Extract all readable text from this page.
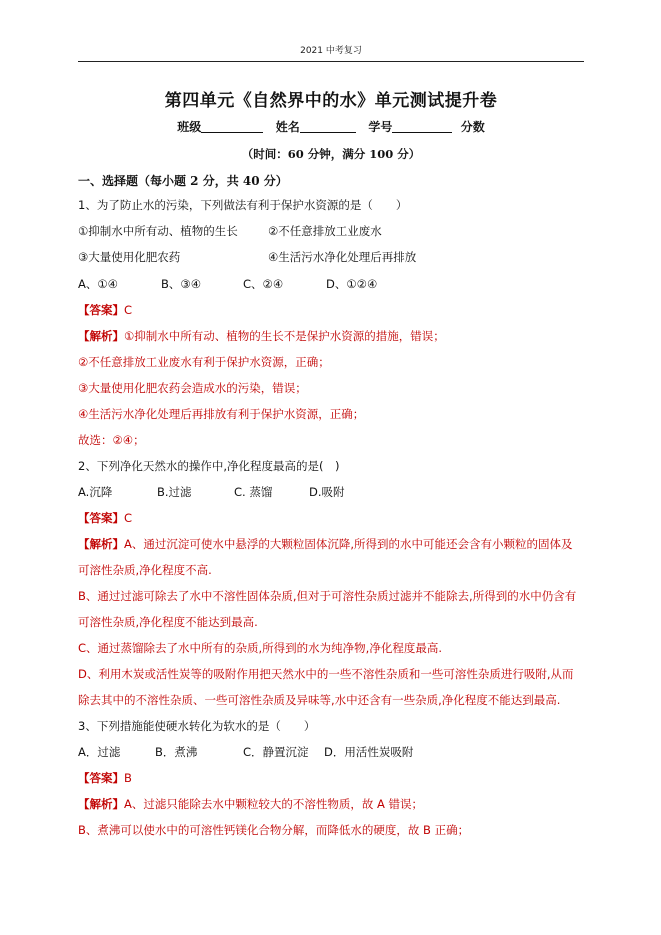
2021 中考复习
第四单元《自然界中的水》单元测试提升卷
班级	姓名	学号	分数
（时间：60 分钟，满分 100 分）
一、选择题（每小题 2 分，共 40 分）
1、为了防止水的污染，下列做法有利于保护水资源的是（　　）
①抑制水中所有动、植物的生长	②不任意排放工业废水
③大量使用化肥农药	④生活污水净化处理后再排放
A、①④	B、③④	C、②④	D、①②④
【答案】C
【解析】①抑制水中所有动、植物的生长不是保护水资源的措施，错误；
②不任意排放工业废水有利于保护水资源，正确；
③大量使用化肥农药会造成水的污染，错误；
④生活污水净化处理后再排放有利于保护水资源，正确；
故选：②④；
2、下列净化天然水的操作中,净化程度最高的是(　)
A.沉降	B.过滤	C. 蒸馏	D.吸附
【答案】C
【解析】A、通过沉淀可使水中悬浮的大颗粒固体沉降,所得到的水中可能还会含有小颗粒的固体及
可溶性杂质,净化程度不高.
B、通过过滤可除去了水中不溶性固体杂质,但对于可溶性杂质过滤并不能除去,所得到的水中仍含有
可溶性杂质,净化程度不能达到最高.
C、通过蒸馏除去了水中所有的杂质,所得到的水为纯净物,净化程度最高.
D、利用木炭或活性炭等的吸附作用把天然水中的一些不溶性杂质和一些可溶性杂质进行吸附,从而
除去其中的不溶性杂质、一些可溶性杂质及异味等,水中还含有一些杂质,净化程度不能达到最高.
3、下列措施能使硬水转化为软水的是（　　）
A．过滤	B．煮沸	C．静置沉淀 D．用活性炭吸附
【答案】B
【解析】A、过滤只能除去水中颗粒较大的不溶性物质，故 A 错误；
B、煮沸可以使水中的可溶性钙镁化合物分解，而降低水的硬度，故 B 正确；
